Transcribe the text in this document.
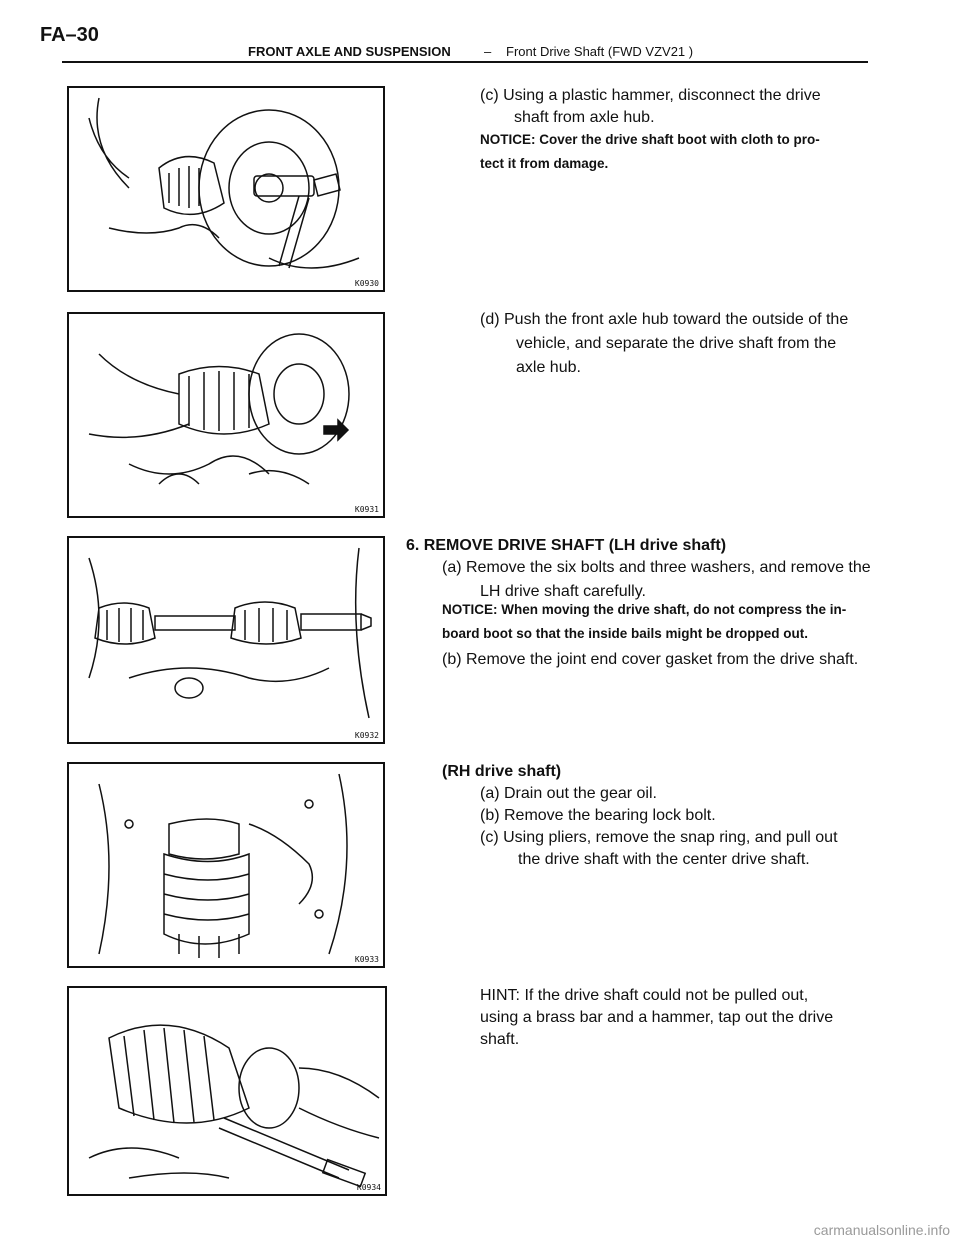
FA–30
FRONT AXLE AND SUSPENSION	– Front Drive Shaft (FWD VZV21 )
K0930
K0931
K0932
K0933
K0934
(c) Using a plastic hammer, disconnect the drive
shaft from axle hub.
NOTICE: Cover the drive shaft boot with cloth to pro-
tect it from damage.
(d) Push the front axle hub toward the outside of the
vehicle, and separate the drive shaft from the
axle hub.
6. REMOVE DRIVE SHAFT (LH drive shaft)
(a) Remove the six bolts and three washers, and remove the
LH drive shaft carefully.
NOTICE: When moving the drive shaft, do not compress the in-
board boot so that the inside bails might be dropped out.
(b) Remove the joint end cover gasket from the drive shaft.
(RH drive shaft)
(a) Drain out the gear oil.
(b) Remove the bearing lock bolt.
(c) Using pliers, remove the snap ring, and pull out
the drive shaft with the center drive shaft.
HINT: If the drive shaft could not be pulled out,
using a brass bar and a hammer, tap out the drive
shaft.
carmanualsonline.info
